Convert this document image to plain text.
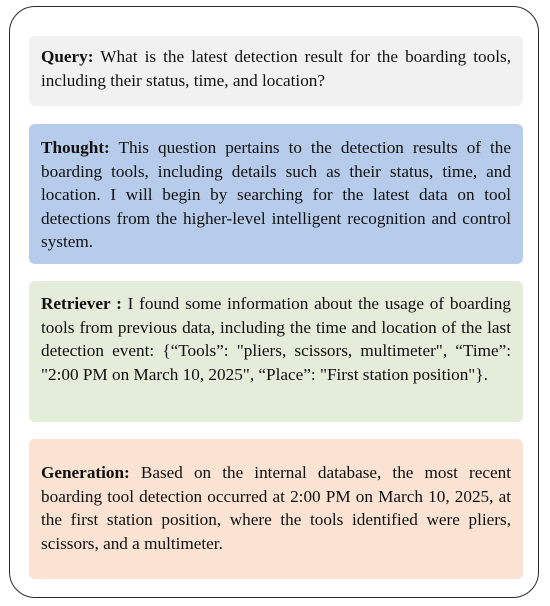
Query: What is the latest detection result for the boarding tools, including their status, time, and location?
Thought: This question pertains to the detection results of the boarding tools, including details such as their status, time, and location. I will begin by searching for the latest data on tool detections from the higher-level intelligent recognition and control system.
Retriever : I found some information about the usage of boarding tools from previous data, including the time and location of the last detection event: {“Tools”: "pliers, scissors, multimeter", “Time”: "2:00 PM on March 10, 2025", “Place”: "First station position"}.
Generation: Based on the internal database, the most recent boarding tool detection occurred at 2:00 PM on March 10, 2025, at the first station position, where the tools identified were pliers, scissors, and a multimeter.
